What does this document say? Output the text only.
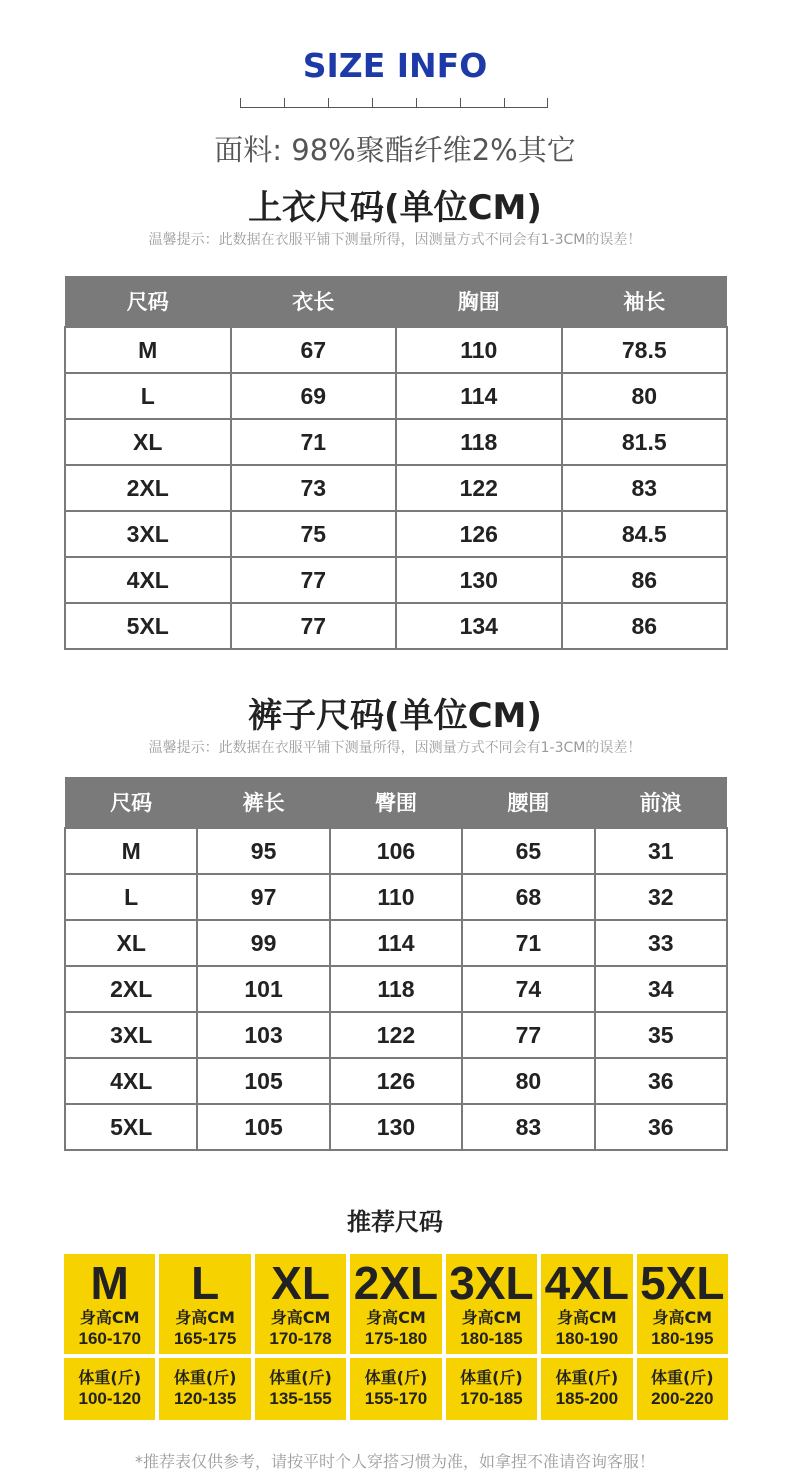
SIZE INFO
面料: 98%聚酯纤维2%其它
上衣尺码(单位CM)
温馨提示：此数据在衣服平铺下测量所得，因测量方式不同会有1-3CM的误差！
尺码	衣长	胸围	袖长
M	67	110	78.5
L	69	114	80
XL	71	118	81.5
2XL	73	122	83
3XL	75	126	84.5
4XL	77	130	86
5XL	77	134	86
裤子尺码(单位CM)
温馨提示：此数据在衣服平铺下测量所得，因测量方式不同会有1-3CM的误差！
尺码	裤长	臀围	腰围	前浪
M	95	106	65	31
L	97	110	68	32
XL	99	114	71	33
2XL	101	118	74	34
3XL	103	122	77	35
4XL	105	126	80	36
5XL	105	130	83	36
推荐尺码
M
身高CM
160-170
L
身高CM
165-175
XL
身高CM
170-178
2XL
身高CM
175-180
3XL
身高CM
180-185
4XL
身高CM
180-190
5XL
身高CM
180-195
体重(斤)
100-120
体重(斤)
120-135
体重(斤)
135-155
体重(斤)
155-170
体重(斤)
170-185
体重(斤)
185-200
体重(斤)
200-220
*推荐表仅供参考，请按平时个人穿搭习惯为准，如拿捏不准请咨询客服！
